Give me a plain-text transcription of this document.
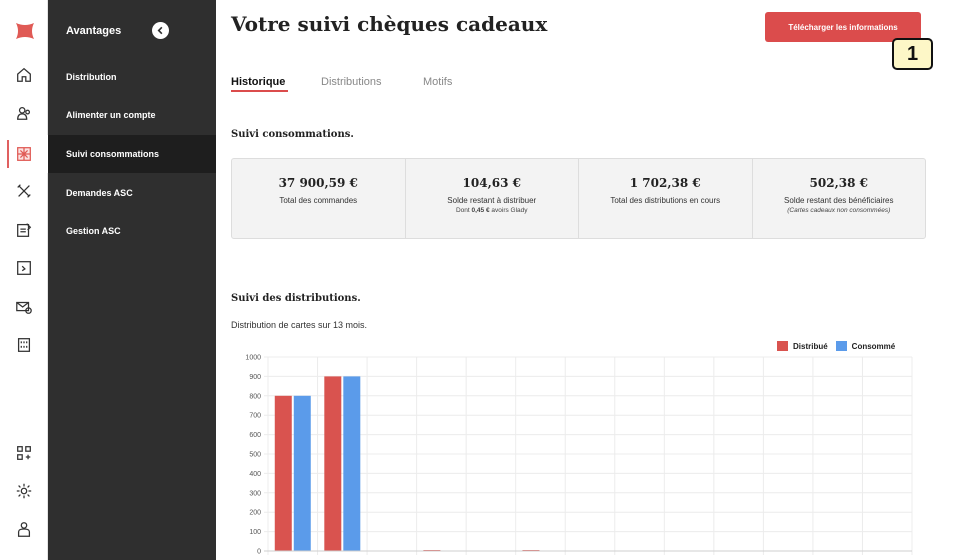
Avantages
Distribution
Alimenter un compte
Suivi consommations
Demandes ASC
Gestion ASC
Votre suivi chèques cadeaux	Télécharger les informations
1
Historique	Distributions	Motifs
Suivi consommations.
37 900,59 €
Total des commandes
104,63 €
Solde restant à distribuer
Dont 0,45 € avoirs Glady
1 702,38 €
Total des distributions en cours
502,38 €
Solde restant des bénéficiaires
(Cartes cadeaux non consommées)
Suivi des distributions.
Distribution de cartes sur 13 mois.
Distribué	Consommé
0
100
200
300
400
500
600
700
800
900
1000
